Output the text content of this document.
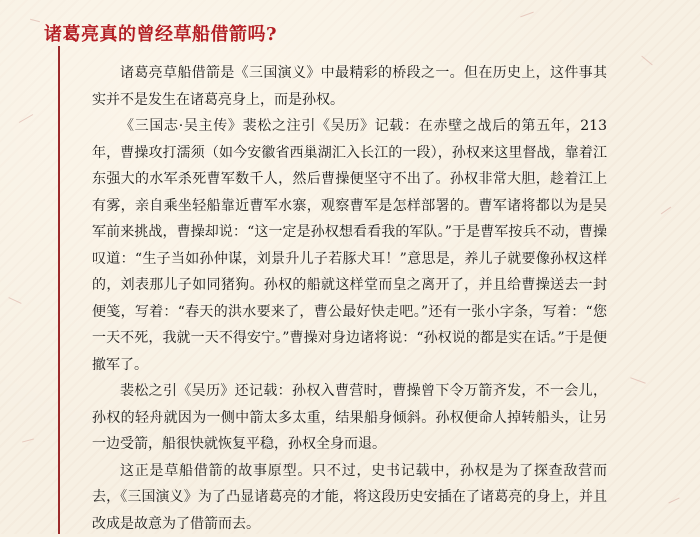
诸葛亮真的曾经草船借箭吗?

诸葛亮草船借箭是《三国演义》中最精彩的桥段之一。但在历史上，这件事其实并不是发生在诸葛亮身上，而是孙权。

《三国志·吴主传》裴松之注引《吴历》记载：在赤壁之战后的第五年，213年，曹操攻打濡须（如今安徽省西巢湖汇入长江的一段），孙权来这里督战，靠着江东强大的水军杀死曹军数千人，然后曹操便坚守不出了。孙权非常大胆，趁着江上有雾，亲自乘坐轻船靠近曹军水寨，观察曹军是怎样部署的。曹军诸将都以为是吴军前来挑战，曹操却说：“这一定是孙权想看看我的军队。”于是曹军按兵不动，曹操叹道：“生子当如孙仲谋，刘景升儿子若豚犬耳！”意思是，养儿子就要像孙权这样的，刘表那儿子如同猪狗。孙权的船就这样堂而皇之离开了，并且给曹操送去一封便笺，写着：“春天的洪水要来了，曹公最好快走吧。”还有一张小字条，写着：“您一天不死，我就一天不得安宁。”曹操对身边诸将说：“孙权说的都是实在话。”于是便撤军了。

裴松之引《吴历》还记载：孙权入曹营时，曹操曾下令万箭齐发，不一会儿，孙权的轻舟就因为一侧中箭太多太重，结果船身倾斜。孙权便命人掉转船头，让另一边受箭，船很快就恢复平稳，孙权全身而退。

这正是草船借箭的故事原型。只不过，史书记载中，孙权是为了探查敌营而去，《三国演义》为了凸显诸葛亮的才能，将这段历史安插在了诸葛亮的身上，并且改成是故意为了借箭而去。
